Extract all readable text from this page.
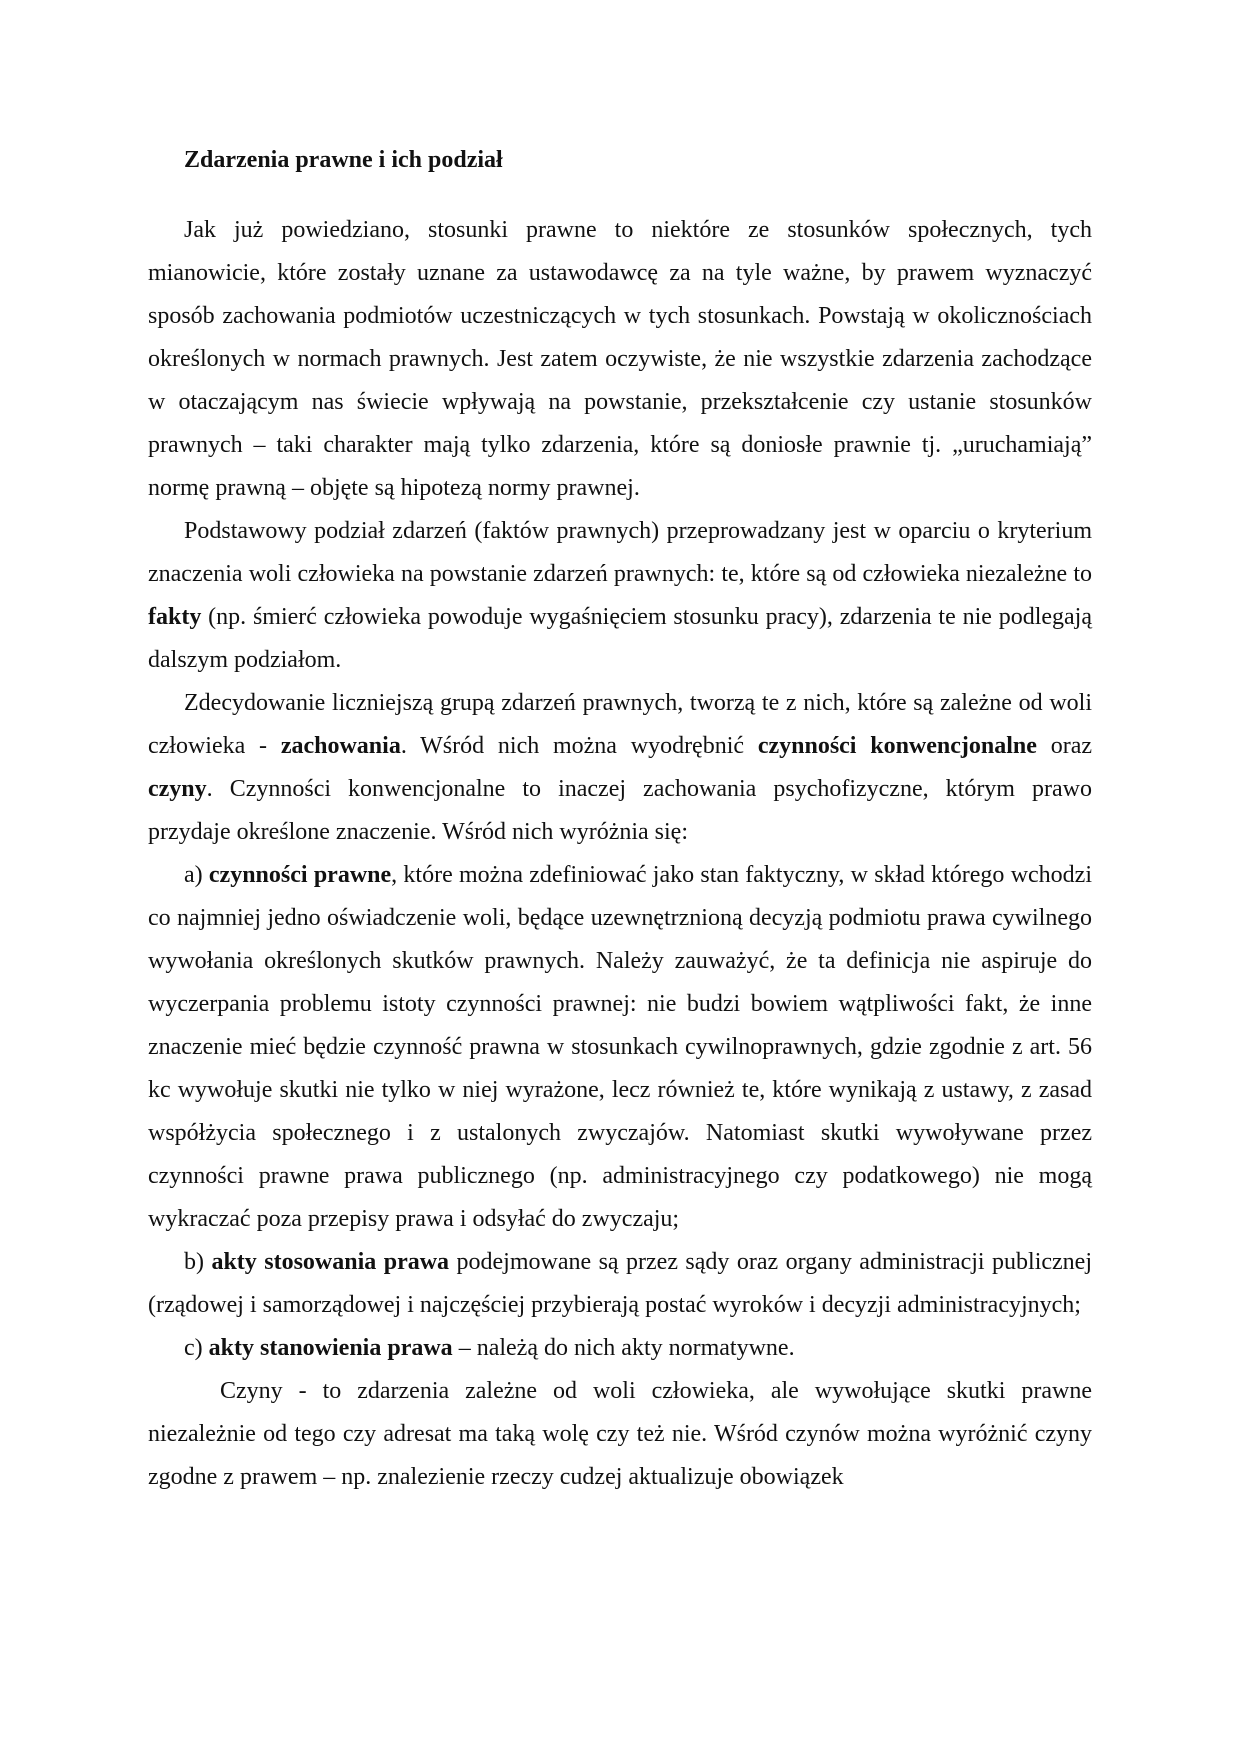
Zdarzenia prawne i ich podział

Jak już powiedziano, stosunki prawne to niektóre ze stosunków społecznych, tych mianowicie, które zostały uznane za ustawodawcę za na tyle ważne, by prawem wyznaczyć sposób zachowania podmiotów uczestniczących w tych stosunkach. Powstają w okolicznościach określonych w normach prawnych. Jest zatem oczywiste, że nie wszystkie zdarzenia zachodzące w otaczającym nas świecie wpływają na powstanie, przekształcenie czy ustanie stosunków prawnych – taki charakter mają tylko zdarzenia, które są doniosłe prawnie tj. „uruchamiają” normę prawną – objęte są hipotezą normy prawnej.

Podstawowy podział zdarzeń (faktów prawnych) przeprowadzany jest w oparciu o kryterium znaczenia woli człowieka na powstanie zdarzeń prawnych: te, które są od człowieka niezależne to fakty (np. śmierć człowieka powoduje wygaśnięciem stosunku pracy), zdarzenia te nie podlegają dalszym podziałom.

Zdecydowanie liczniejszą grupą zdarzeń prawnych, tworzą te z nich, które są zależne od woli człowieka - zachowania. Wśród nich można wyodrębnić czynności konwencjonalne oraz czyny. Czynności konwencjonalne to inaczej zachowania psychofizyczne, którym prawo przydaje określone znaczenie. Wśród nich wyróżnia się:

a) czynności prawne, które można zdefiniować jako stan faktyczny, w skład którego wchodzi co najmniej jedno oświadczenie woli, będące uzewnętrznioną decyzją podmiotu prawa cywilnego wywołania określonych skutków prawnych. Należy zauważyć, że ta definicja nie aspiruje do wyczerpania problemu istoty czynności prawnej: nie budzi bowiem wątpliwości fakt, że inne znaczenie mieć będzie czynność prawna w stosunkach cywilnoprawnych, gdzie zgodnie z art. 56 kc wywołuje skutki nie tylko w niej wyrażone, lecz również te, które wynikają z ustawy, z zasad współżycia społecznego i z ustalonych zwyczajów. Natomiast skutki wywoływane przez czynności prawne prawa publicznego (np. administracyjnego czy podatkowego) nie mogą wykraczać poza przepisy prawa i odsyłać do zwyczaju;

b) akty stosowania prawa podejmowane są przez sądy oraz organy administracji publicznej (rządowej i samorządowej i najczęściej przybierają postać wyroków i decyzji administracyjnych;

c) akty stanowienia prawa – należą do nich akty normatywne.

Czyny - to zdarzenia zależne od woli człowieka, ale wywołujące skutki prawne niezależnie od tego czy adresat ma taką wolę czy też nie. Wśród czynów można wyróżnić czyny zgodne z prawem – np. znalezienie rzeczy cudzej aktualizuje obowiązek
